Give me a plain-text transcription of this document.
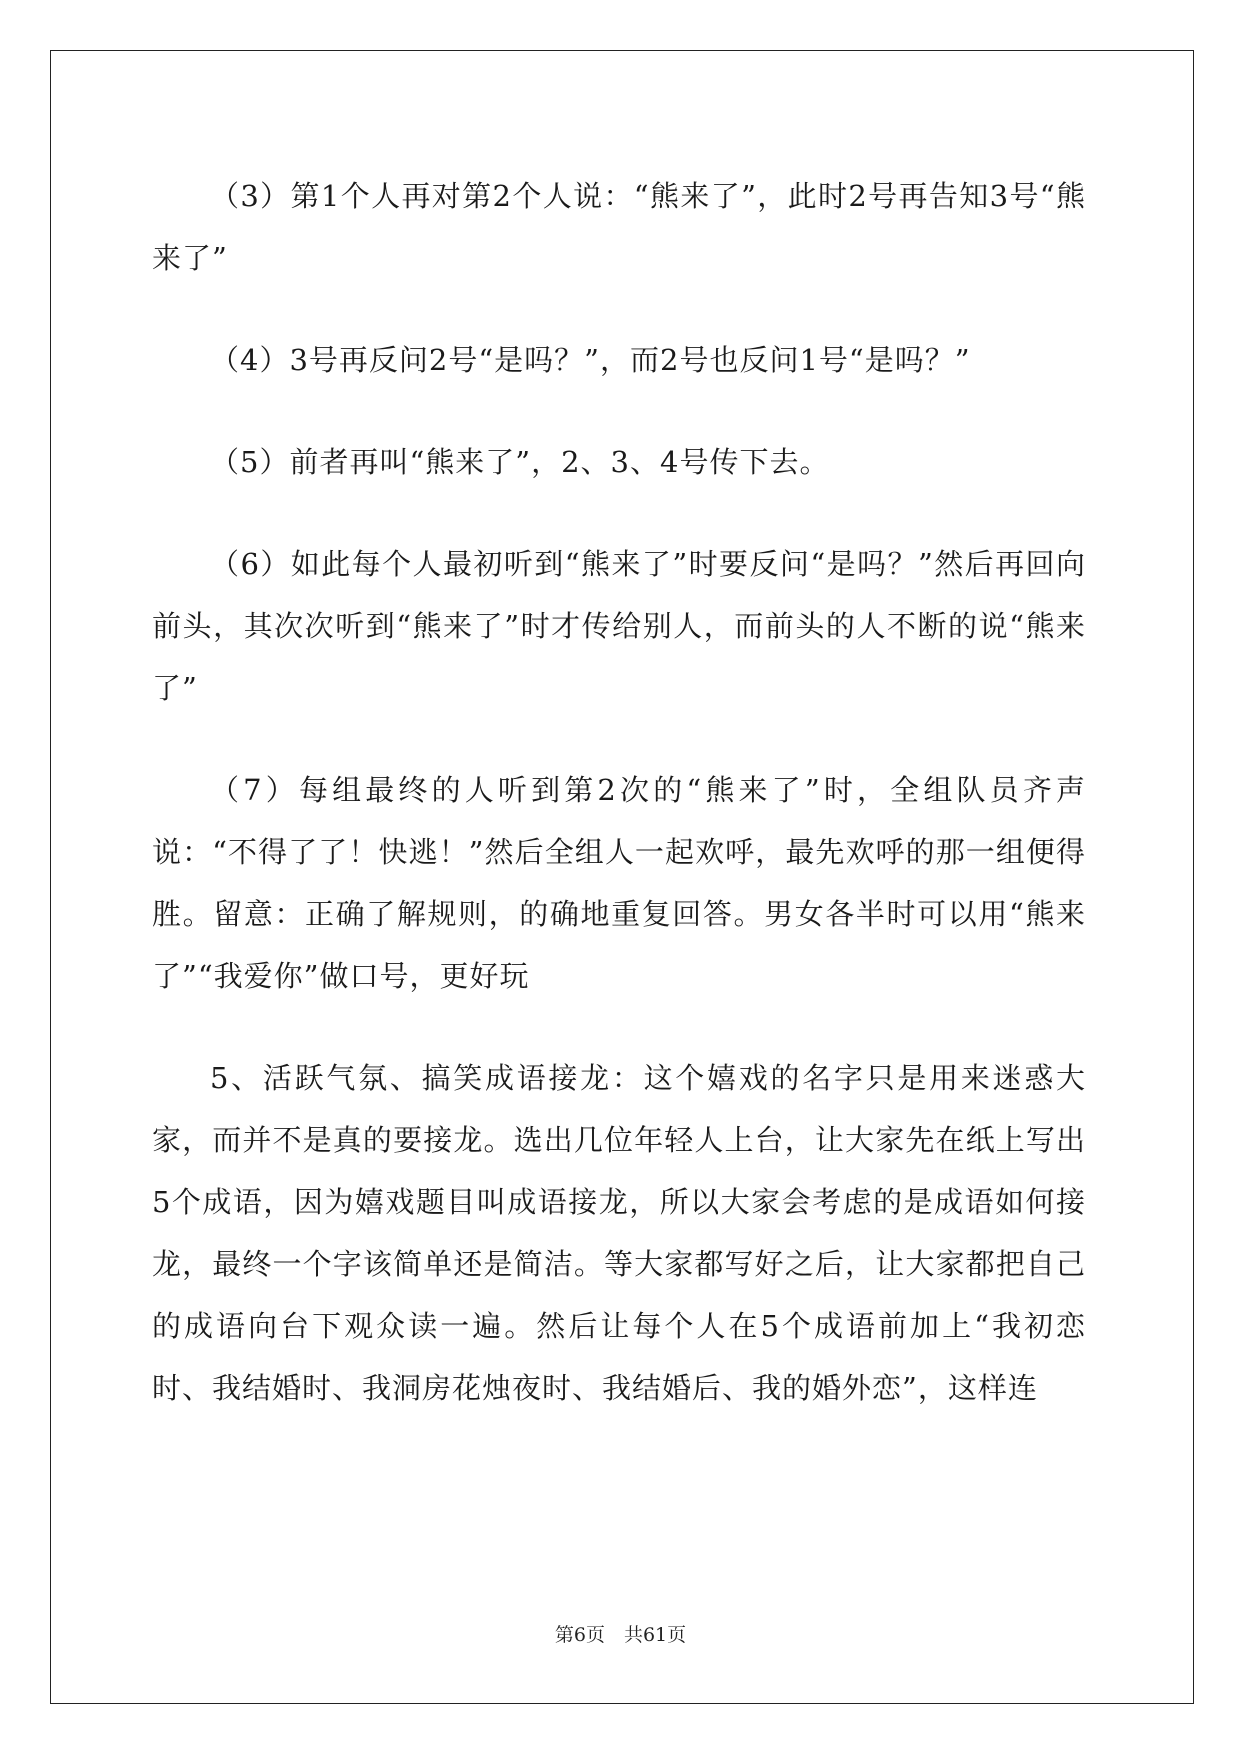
（3）第1个人再对第2个人说：“熊来了”，此时2号再告知3号“熊来了”

（4）3号再反问2号“是吗？”，而2号也反问1号“是吗？”

（5）前者再叫“熊来了”，2、3、4号传下去。

（6）如此每个人最初听到“熊来了”时要反问“是吗？”然后再回向前头，其次次听到“熊来了”时才传给别人，而前头的人不断的说“熊来了”

（7）每组最终的人听到第2次的“熊来了”时，全组队员齐声说：“不得了了！快逃！”然后全组人一起欢呼，最先欢呼的那一组便得胜。留意：正确了解规则，的确地重复回答。男女各半时可以用“熊来了”“我爱你”做口号，更好玩

5、活跃气氛、搞笑成语接龙：这个嬉戏的名字只是用来迷惑大家，而并不是真的要接龙。选出几位年轻人上台，让大家先在纸上写出5个成语，因为嬉戏题目叫成语接龙，所以大家会考虑的是成语如何接龙，最终一个字该简单还是简洁。等大家都写好之后，让大家都把自己的成语向台下观众读一遍。然后让每个人在5个成语前加上“我初恋时、我结婚时、我洞房花烛夜时、我结婚后、我的婚外恋”，这样连

第6页　共61页
